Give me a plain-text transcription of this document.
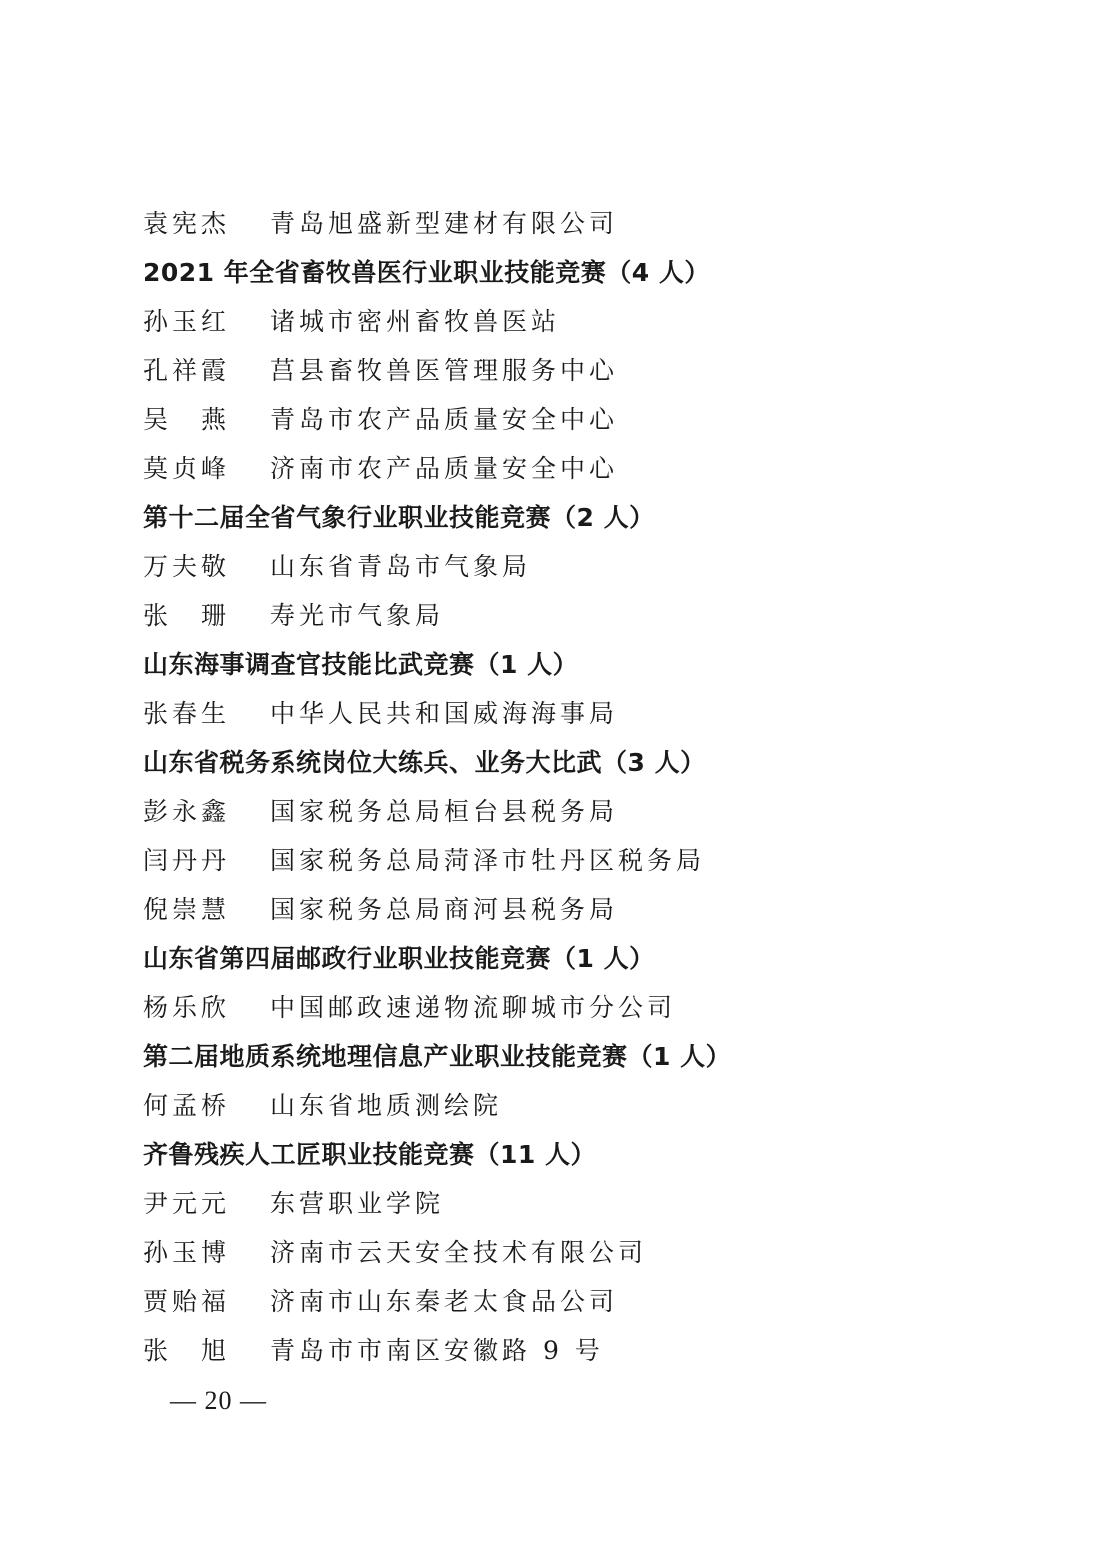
袁宪杰	青岛旭盛新型建材有限公司
2021 年全省畜牧兽医行业职业技能竞赛（4 人）
孙玉红	诸城市密州畜牧兽医站
孔祥霞	莒县畜牧兽医管理服务中心
吴　燕	青岛市农产品质量安全中心
莫贞峰	济南市农产品质量安全中心
第十二届全省气象行业职业技能竞赛（2 人）
万夫敬	山东省青岛市气象局
张　珊	寿光市气象局
山东海事调查官技能比武竞赛（1 人）
张春生	中华人民共和国威海海事局
山东省税务系统岗位大练兵、业务大比武（3 人）
彭永鑫	国家税务总局桓台县税务局
闫丹丹	国家税务总局菏泽市牡丹区税务局
倪崇慧	国家税务总局商河县税务局
山东省第四届邮政行业职业技能竞赛（1 人）
杨乐欣	中国邮政速递物流聊城市分公司
第二届地质系统地理信息产业职业技能竞赛（1 人）
何孟桥	山东省地质测绘院
齐鲁残疾人工匠职业技能竞赛（11 人）
尹元元	东营职业学院
孙玉博	济南市云天安全技术有限公司
贾贻福	济南市山东秦老太食品公司
张　旭	青岛市市南区安徽路 9 号
— 20 —
